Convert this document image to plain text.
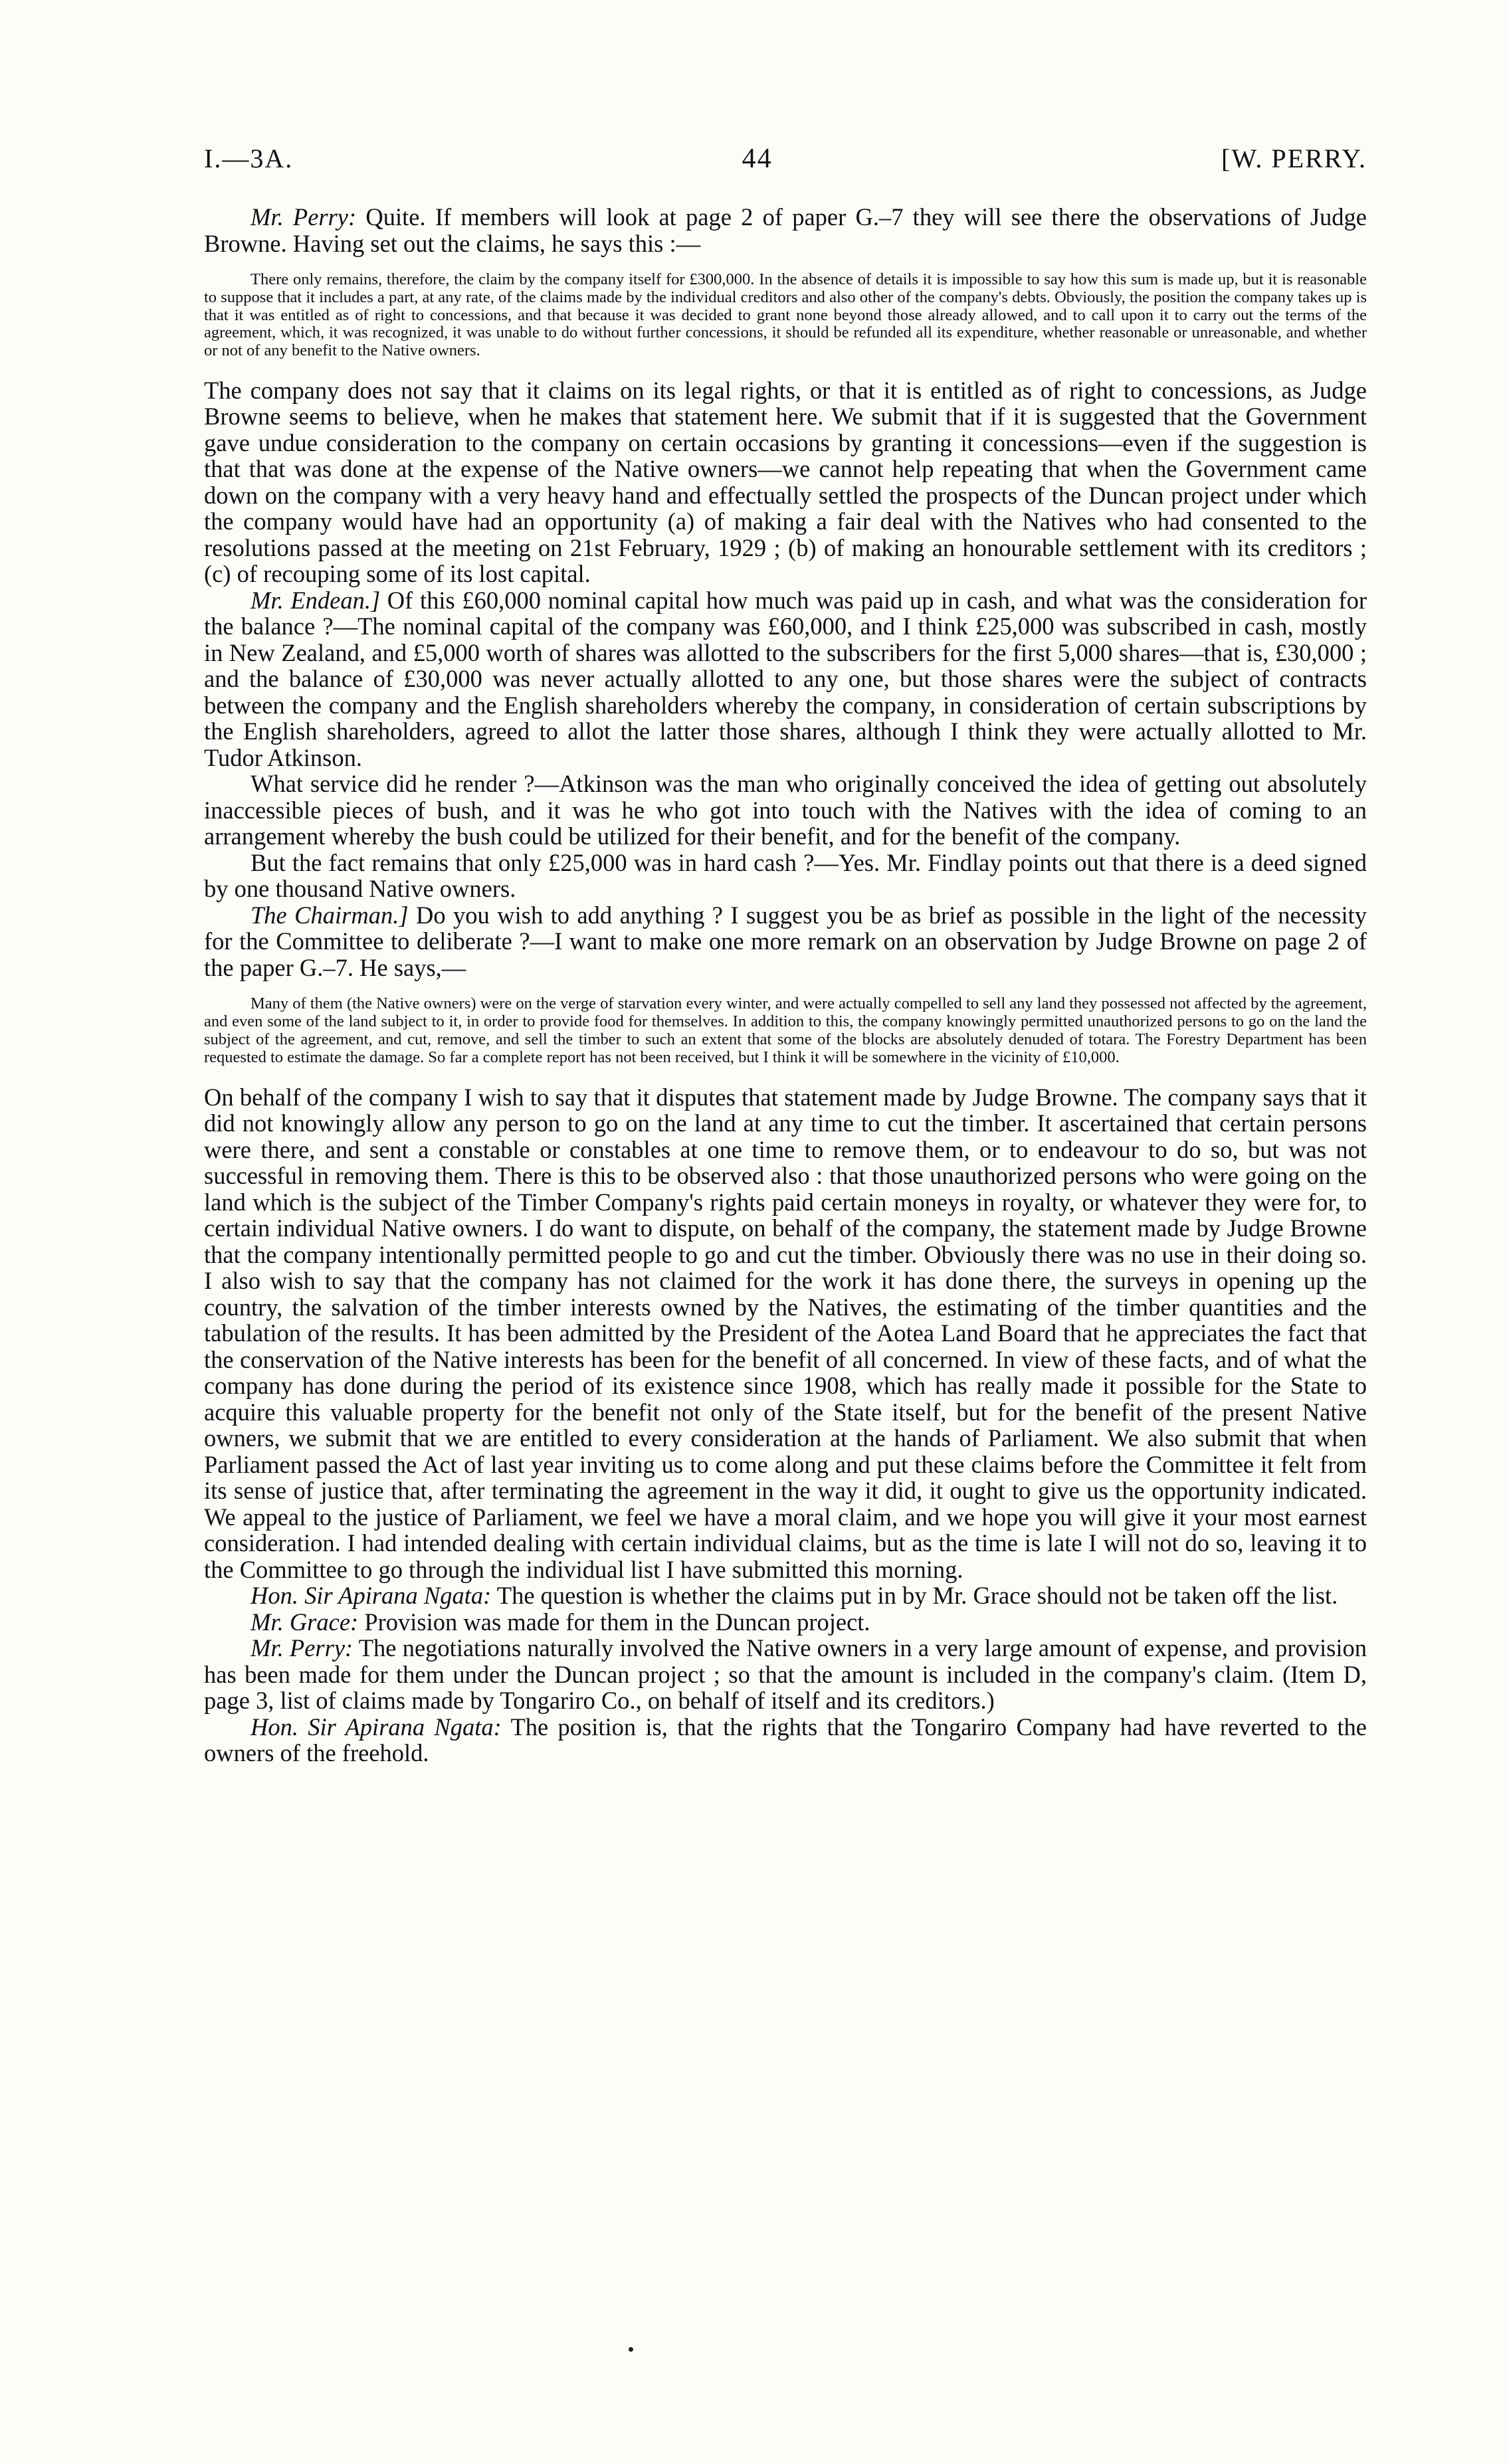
I.—3A.	44	[W. PERRY.

Mr. Perry: Quite. If members will look at page 2 of paper G.–7 they will see there the observations of Judge Browne. Having set out the claims, he says this :—

There only remains, therefore, the claim by the company itself for £300,000. In the absence of details it is impossible to say how this sum is made up, but it is reasonable to suppose that it includes a part, at any rate, of the claims made by the individual creditors and also other of the company's debts. Obviously, the position the company takes up is that it was entitled as of right to concessions, and that because it was decided to grant none beyond those already allowed, and to call upon it to carry out the terms of the agreement, which, it was recognized, it was unable to do without further concessions, it should be refunded all its expenditure, whether reasonable or unreasonable, and whether or not of any benefit to the Native owners.

The company does not say that it claims on its legal rights, or that it is entitled as of right to concessions, as Judge Browne seems to believe, when he makes that statement here. We submit that if it is suggested that the Government gave undue consideration to the company on certain occasions by granting it concessions—even if the suggestion is that that was done at the expense of the Native owners—we cannot help repeating that when the Government came down on the company with a very heavy hand and effectually settled the prospects of the Duncan project under which the company would have had an opportunity (a) of making a fair deal with the Natives who had consented to the resolutions passed at the meeting on 21st February, 1929 ; (b) of making an honourable settlement with its creditors ; (c) of recouping some of its lost capital.

Mr. Endean.] Of this £60,000 nominal capital how much was paid up in cash, and what was the consideration for the balance ?—The nominal capital of the company was £60,000, and I think £25,000 was subscribed in cash, mostly in New Zealand, and £5,000 worth of shares was allotted to the subscribers for the first 5,000 shares—that is, £30,000 ; and the balance of £30,000 was never actually allotted to any one, but those shares were the subject of contracts between the company and the English shareholders whereby the company, in consideration of certain subscriptions by the English shareholders, agreed to allot the latter those shares, although I think they were actually allotted to Mr. Tudor Atkinson.

What service did he render ?—Atkinson was the man who originally conceived the idea of getting out absolutely inaccessible pieces of bush, and it was he who got into touch with the Natives with the idea of coming to an arrangement whereby the bush could be utilized for their benefit, and for the benefit of the company.

But the fact remains that only £25,000 was in hard cash ?—Yes. Mr. Findlay points out that there is a deed signed by one thousand Native owners.

The Chairman.] Do you wish to add anything ? I suggest you be as brief as possible in the light of the necessity for the Committee to deliberate ?—I want to make one more remark on an observation by Judge Browne on page 2 of the paper G.–7. He says,—

Many of them (the Native owners) were on the verge of starvation every winter, and were actually compelled to sell any land they possessed not affected by the agreement, and even some of the land subject to it, in order to provide food for themselves. In addition to this, the company knowingly permitted unauthorized persons to go on the land the subject of the agreement, and cut, remove, and sell the timber to such an extent that some of the blocks are absolutely denuded of totara. The Forestry Department has been requested to estimate the damage. So far a complete report has not been received, but I think it will be somewhere in the vicinity of £10,000.

On behalf of the company I wish to say that it disputes that statement made by Judge Browne. The company says that it did not knowingly allow any person to go on the land at any time to cut the timber. It ascertained that certain persons were there, and sent a constable or constables at one time to remove them, or to endeavour to do so, but was not successful in removing them. There is this to be observed also : that those unauthorized persons who were going on the land which is the subject of the Timber Company's rights paid certain moneys in royalty, or whatever they were for, to certain individual Native owners. I do want to dispute, on behalf of the company, the statement made by Judge Browne that the company intentionally permitted people to go and cut the timber. Obviously there was no use in their doing so. I also wish to say that the company has not claimed for the work it has done there, the surveys in opening up the country, the salvation of the timber interests owned by the Natives, the estimating of the timber quantities and the tabulation of the results. It has been admitted by the President of the Aotea Land Board that he appreciates the fact that the conservation of the Native interests has been for the benefit of all concerned. In view of these facts, and of what the company has done during the period of its existence since 1908, which has really made it possible for the State to acquire this valuable property for the benefit not only of the State itself, but for the benefit of the present Native owners, we submit that we are entitled to every consideration at the hands of Parliament. We also submit that when Parliament passed the Act of last year inviting us to come along and put these claims before the Committee it felt from its sense of justice that, after terminating the agreement in the way it did, it ought to give us the opportunity indicated. We appeal to the justice of Parliament, we feel we have a moral claim, and we hope you will give it your most earnest consideration. I had intended dealing with certain individual claims, but as the time is late I will not do so, leaving it to the Committee to go through the individual list I have submitted this morning.

Hon. Sir Apirana Ngata: The question is whether the claims put in by Mr. Grace should not be taken off the list.

Mr. Grace: Provision was made for them in the Duncan project.

Mr. Perry: The negotiations naturally involved the Native owners in a very large amount of expense, and provision has been made for them under the Duncan project ; so that the amount is included in the company's claim. (Item D, page 3, list of claims made by Tongariro Co., on behalf of itself and its creditors.)

Hon. Sir Apirana Ngata: The position is, that the rights that the Tongariro Company had have reverted to the owners of the freehold.
